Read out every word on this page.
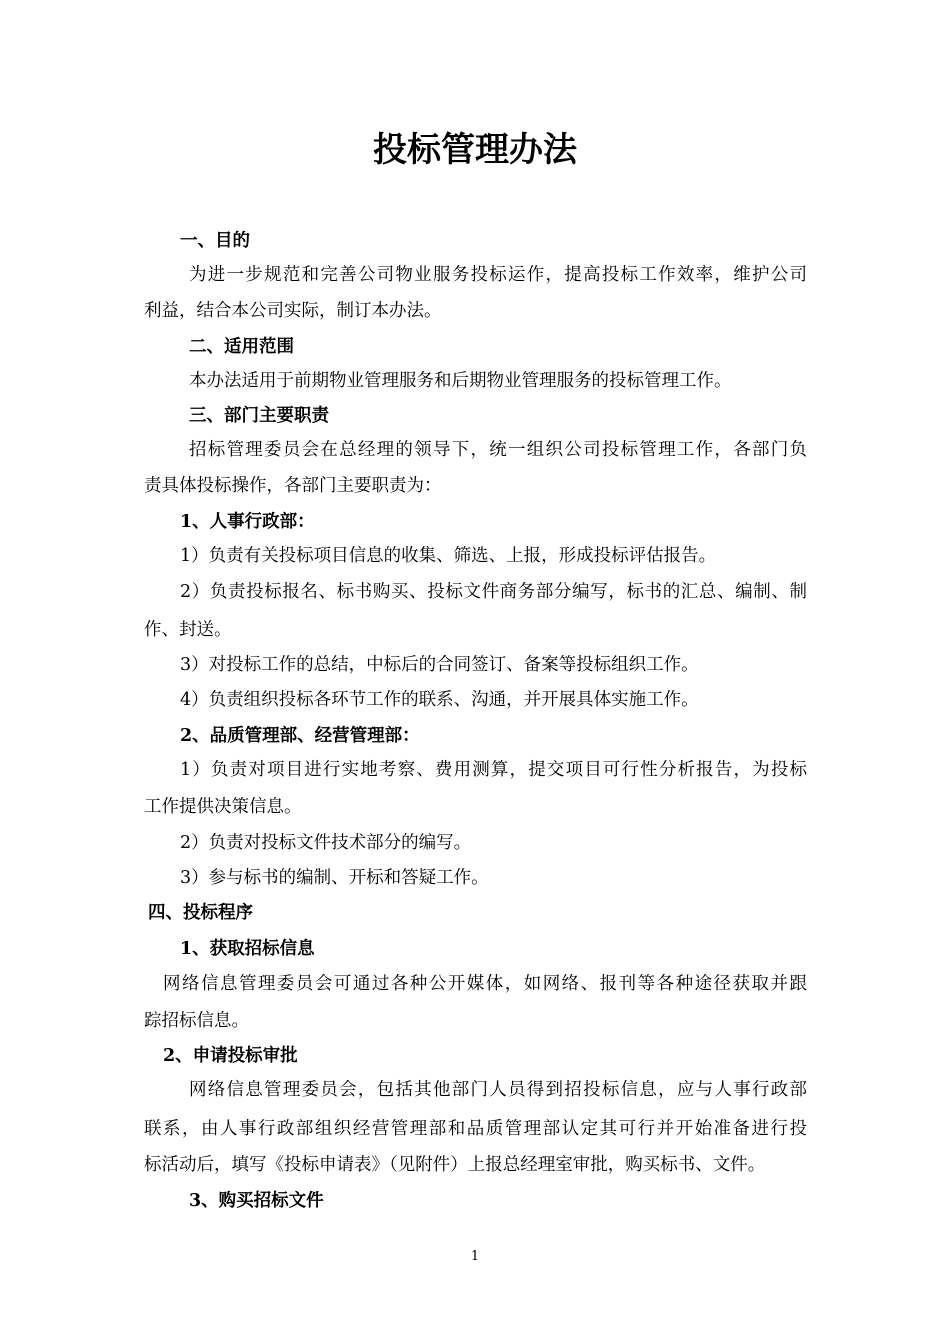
投标管理办法
一、目的
为进一步规范和完善公司物业服务投标运作，提高投标工作效率，维护公司
利益，结合本公司实际，制订本办法。
二、适用范围
本办法适用于前期物业管理服务和后期物业管理服务的投标管理工作。
三、部门主要职责
招标管理委员会在总经理的领导下，统一组织公司投标管理工作，各部门负
责具体投标操作，各部门主要职责为：
1、人事行政部：
1）负责有关投标项目信息的收集、筛选、上报，形成投标评估报告。
2）负责投标报名、标书购买、投标文件商务部分编写，标书的汇总、编制、制
作、封送。
3）对投标工作的总结，中标后的合同签订、备案等投标组织工作。
4）负责组织投标各环节工作的联系、沟通，并开展具体实施工作。
2、品质管理部、经营管理部：
1）负责对项目进行实地考察、费用测算，提交项目可行性分析报告，为投标
工作提供决策信息。
2）负责对投标文件技术部分的编写。
3）参与标书的编制、开标和答疑工作。
四、投标程序
1、获取招标信息
网络信息管理委员会可通过各种公开媒体，如网络、报刊等各种途径获取并跟
踪招标信息。
2、申请投标审批
网络信息管理委员会，包括其他部门人员得到招投标信息，应与人事行政部
联系，由人事行政部组织经营管理部和品质管理部认定其可行并开始准备进行投
标活动后，填写《投标申请表》（见附件）上报总经理室审批，购买标书、文件。
3、购买招标文件
1
